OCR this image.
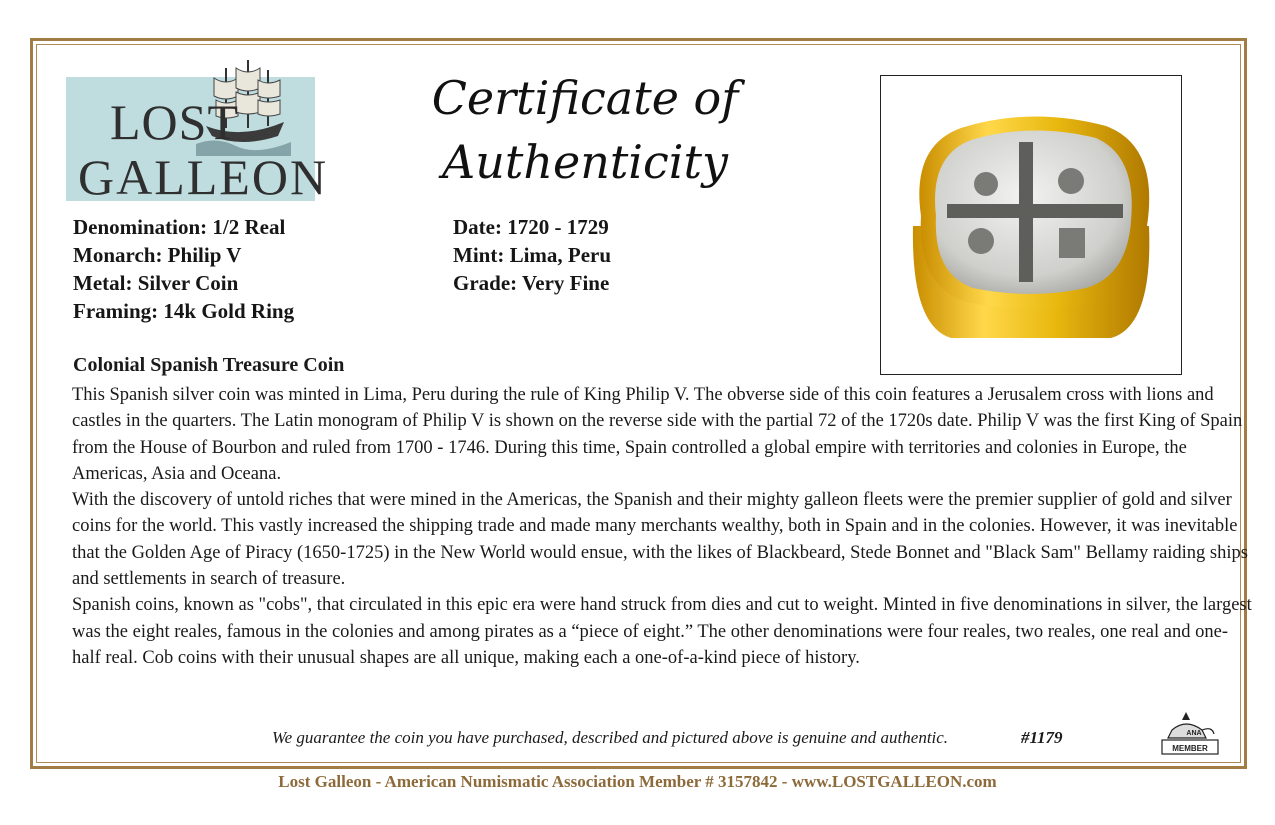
LOST
GALLEON
Certificate of
Authenticity
Denomination: 1/2 Real
Monarch: Philip V
Metal: Silver Coin
Framing: 14k Gold Ring
Date: 1720 - 1729
Mint: Lima, Peru
Grade: Very Fine
Colonial Spanish Treasure Coin

This Spanish silver coin was minted in Lima, Peru during the rule of King Philip V. The obverse side of this coin features a Jerusalem cross with lions and castles in the quarters. The Latin monogram of Philip V is shown on the reverse side with the partial 72 of the 1720s date. Philip V was the first King of Spain from the House of Bourbon and ruled from 1700 - 1746. During this time, Spain controlled a global empire with territories and colonies in Europe, the Americas, Asia and Oceana.

With the discovery of untold riches that were mined in the Americas, the Spanish and their mighty galleon fleets were the premier supplier of gold and silver coins for the world. This vastly increased the shipping trade and made many merchants wealthy, both in Spain and in the colonies. However, it was inevitable that the Golden Age of Piracy (1650-1725) in the New World would ensue, with the likes of Blackbeard, Stede Bonnet and "Black Sam" Bellamy raiding ships and settlements in search of treasure.

Spanish coins, known as "cobs", that circulated in this epic era were hand struck from dies and cut to weight. Minted in five denominations in silver, the largest was the eight reales, famous in the colonies and among pirates as a “piece of eight.” The other denominations were four reales, two reales, one real and one-half real. Cob coins with their unusual shapes are all unique, making each a one-of-a-kind piece of history.

We guarantee the coin you have purchased, described and pictured above is genuine and authentic.	#1179	ANA
MEMBER
Lost Galleon - American Numismatic Association Member # 3157842 - www.LOSTGALLEON.com
